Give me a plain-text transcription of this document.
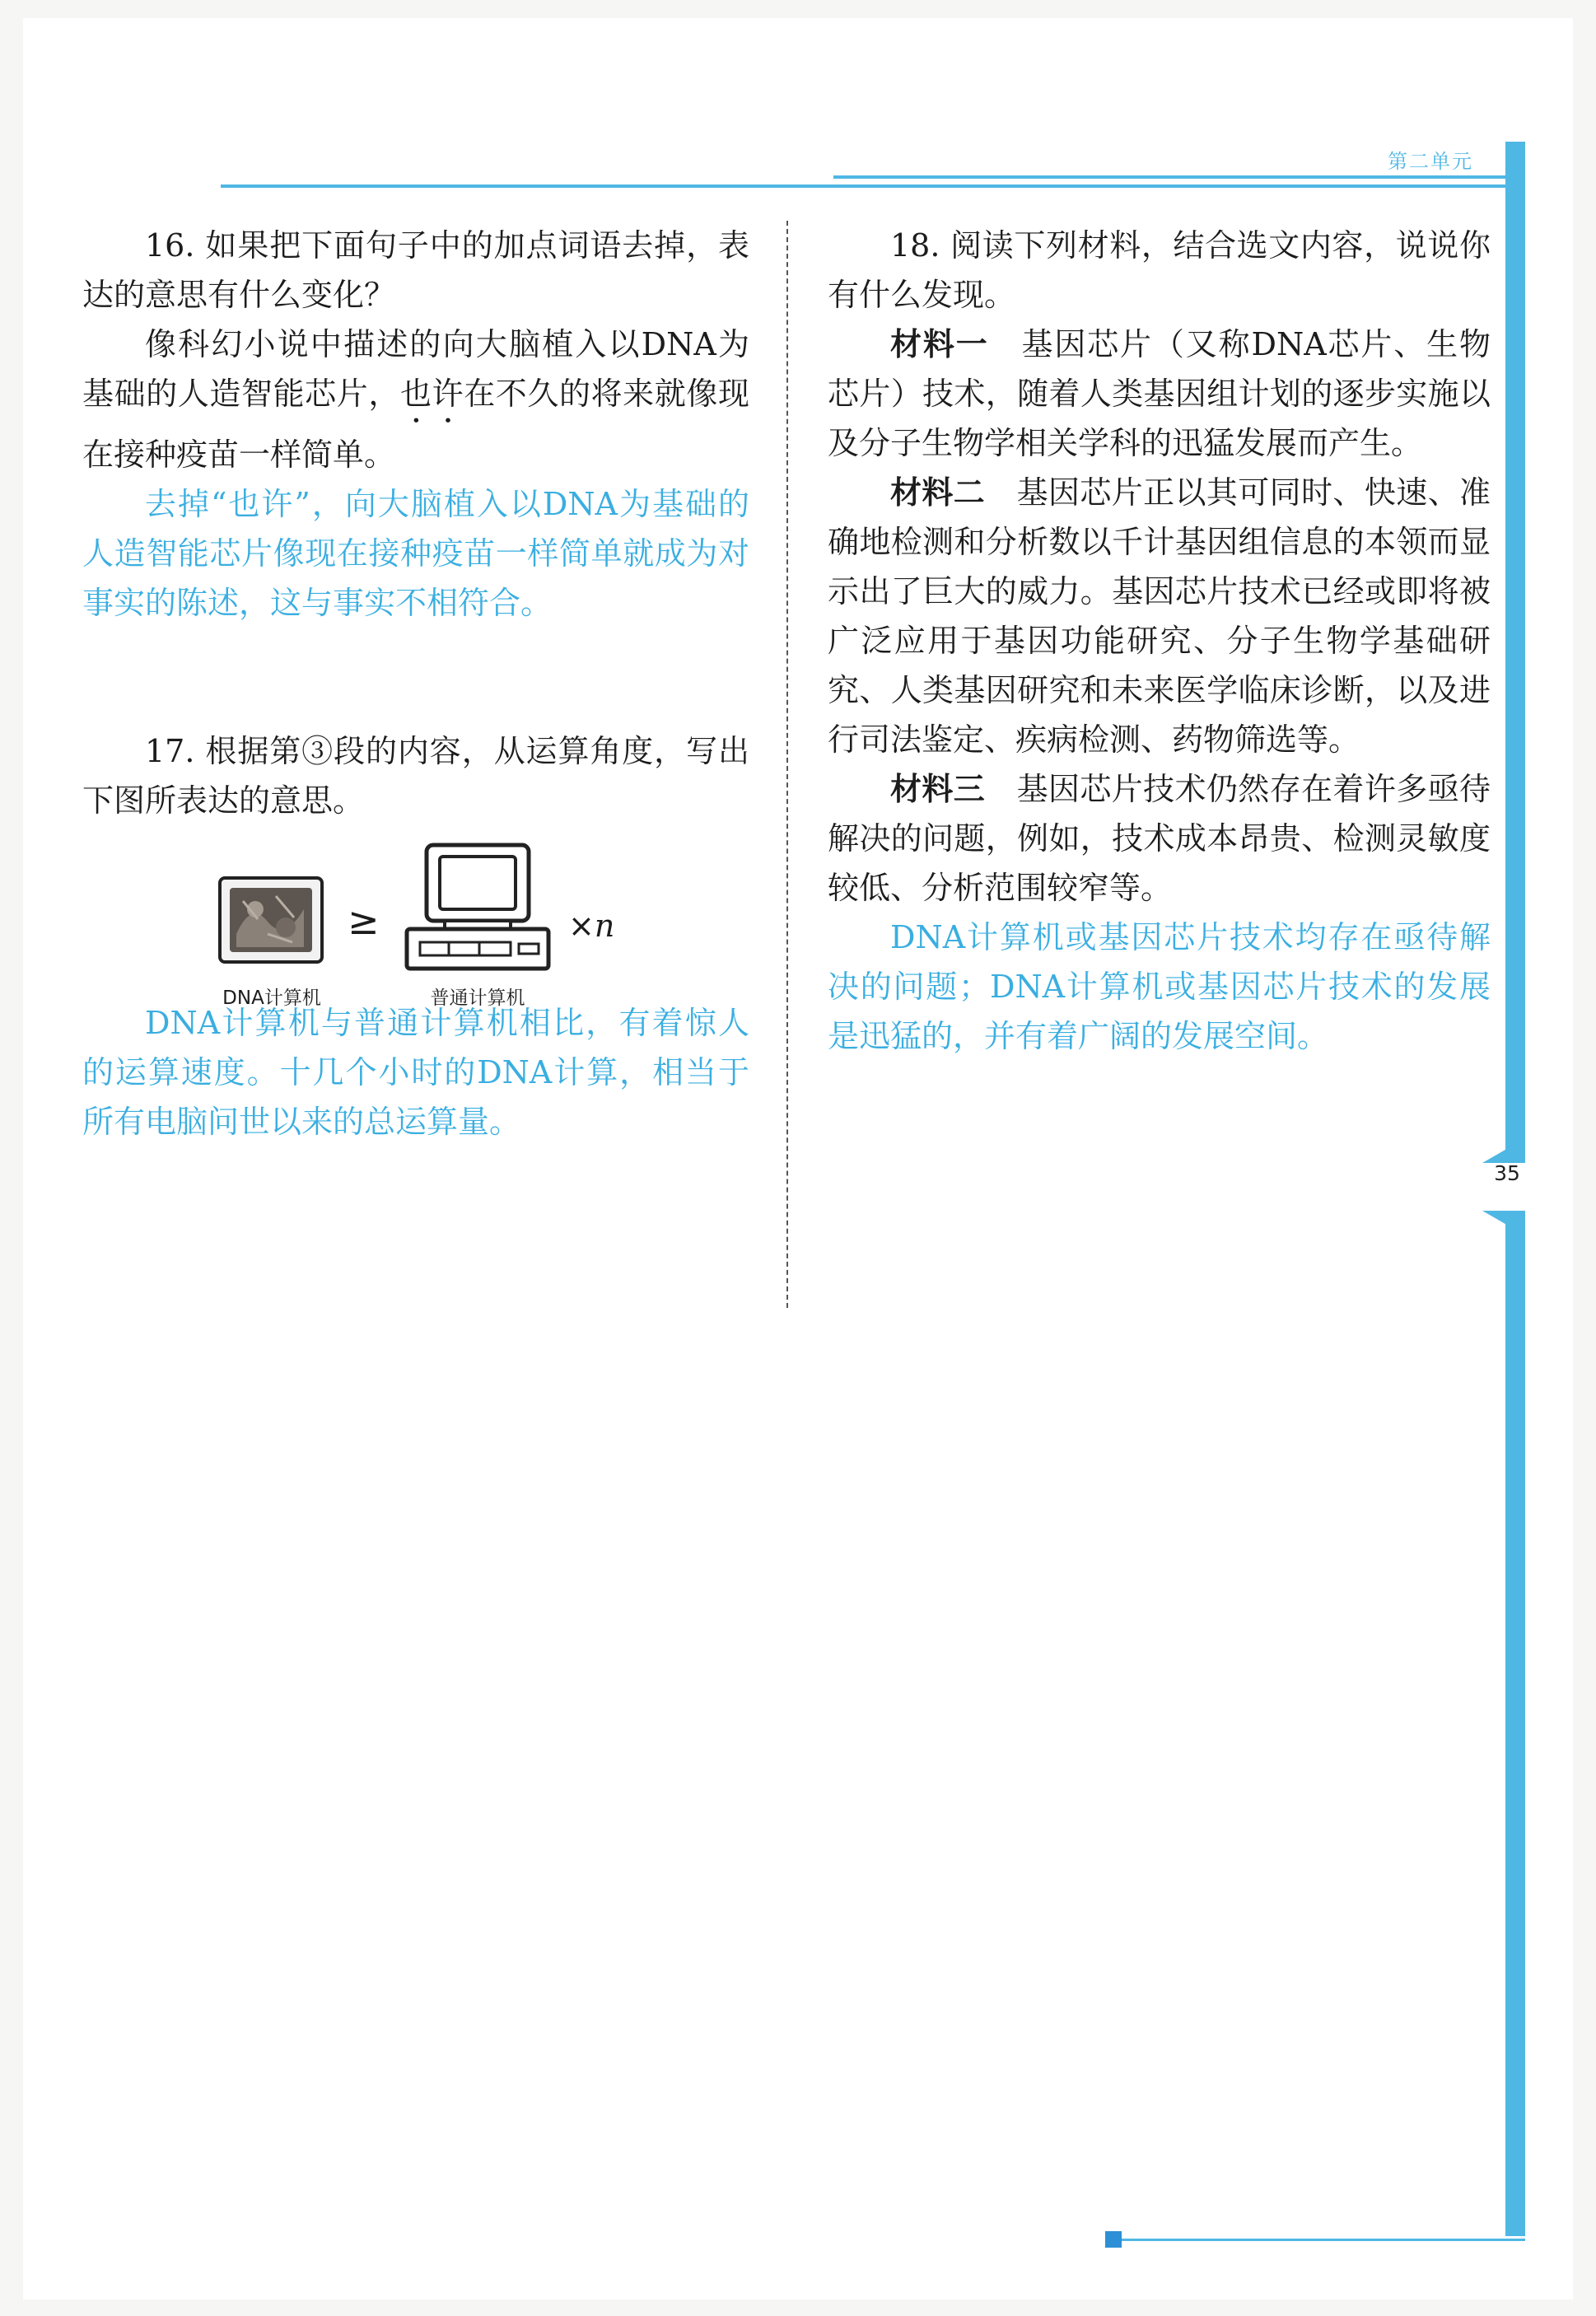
第二单元
35

16. 如果把下面句子中的加点词语去掉，表达的意思有什么变化？

像科幻小说中描述的向大脑植入以DNA为基础的人造智能芯片，也许在不久的将来就像现在接种疫苗一样简单。

去掉“也许”，向大脑植入以DNA为基础的人造智能芯片像现在接种疫苗一样简单就成为对事实的陈述，这与事实不相符合。

17. 根据第③段的内容，从运算角度，写出下图所表达的意思。

DNA计算机
≥
普通计算机
×n

DNA计算机与普通计算机相比，有着惊人的运算速度。十几个小时的DNA计算，相当于所有电脑问世以来的总运算量。

18. 阅读下列材料，结合选文内容，说说你有什么发现。

材料一　 基因芯片（又称DNA芯片、生物芯片）技术，随着人类基因组计划的逐步实施以及分子生物学相关学科的迅猛发展而产生。

材料二　 基因芯片正以其可同时、快速、准确地检测和分析数以千计基因组信息的本领而显示出了巨大的威力。基因芯片技术已经或即将被广泛应用于基因功能研究、分子生物学基础研究、人类基因研究和未来医学临床诊断，以及进行司法鉴定、疾病检测、药物筛选等。

材料三　 基因芯片技术仍然存在着许多亟待解决的问题，例如，技术成本昂贵、检测灵敏度较低、分析范围较窄等。

DNA计算机或基因芯片技术均存在亟待解决的问题；DNA计算机或基因芯片技术的发展是迅猛的，并有着广阔的发展空间。
